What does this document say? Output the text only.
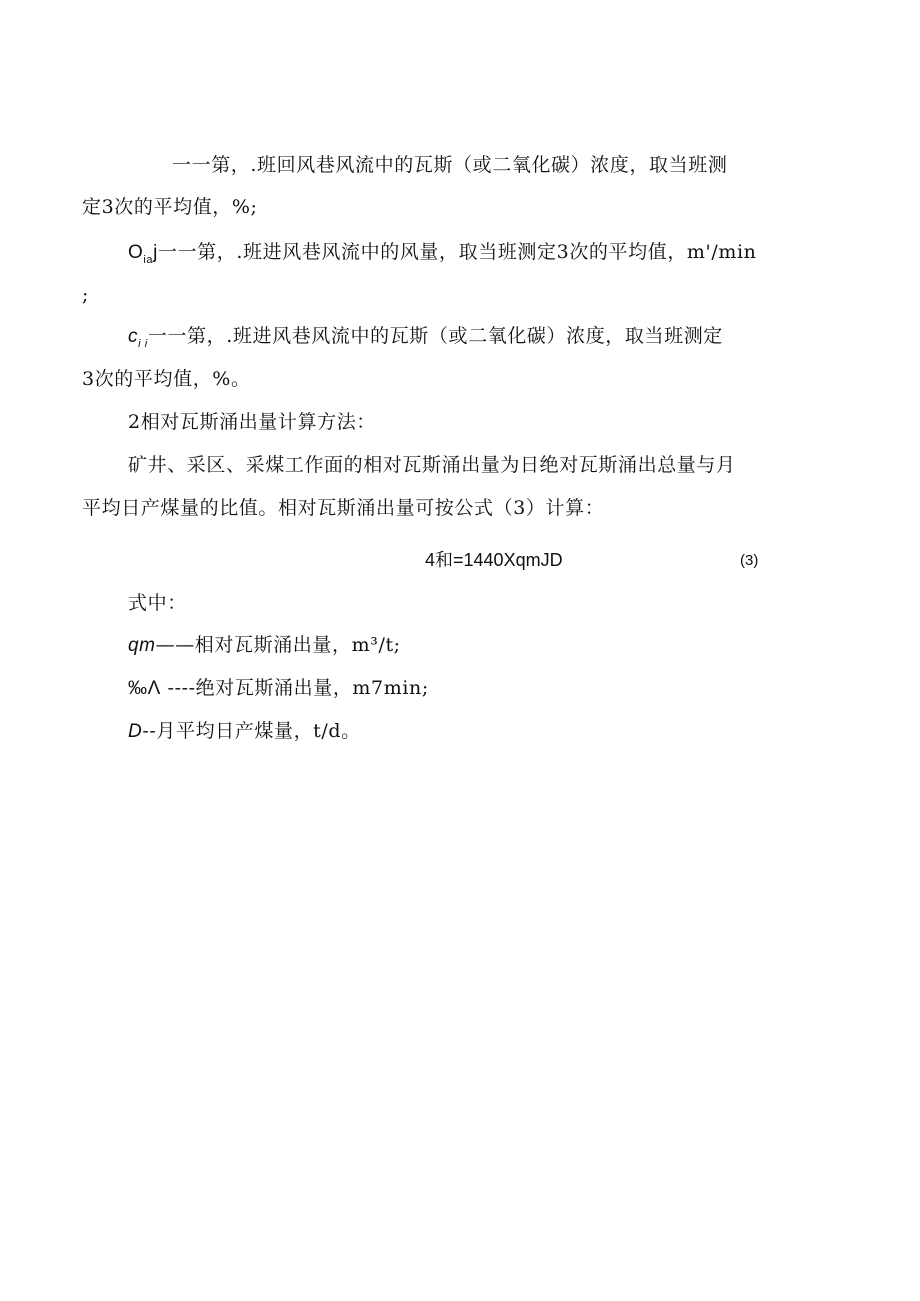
一一第，.班回风巷风流中的瓦斯（或二氧化碳）浓度，取当班测
定3次的平均值，%;
$O_{ia}j$一一第，.班进风巷风流中的风量，取当班测定3次的平均值，m'/min
;
$c_{i i}$一一第，.班进风巷风流中的瓦斯（或二氧化碳）浓度，取当班测定
3次的平均值，%。
2相对瓦斯涌出量计算方法：
矿井、采区、采煤工作面的相对瓦斯涌出量为日绝对瓦斯涌出总量与月
平均日产煤量的比值。相对瓦斯涌出量可按公式（3）计算：
4和=1440XqmJD	(3)
式中：
qm——相对瓦斯涌出量，m³/t;
‰Λ ----绝对瓦斯涌出量，m7min;
D--月平均日产煤量，t/d。
